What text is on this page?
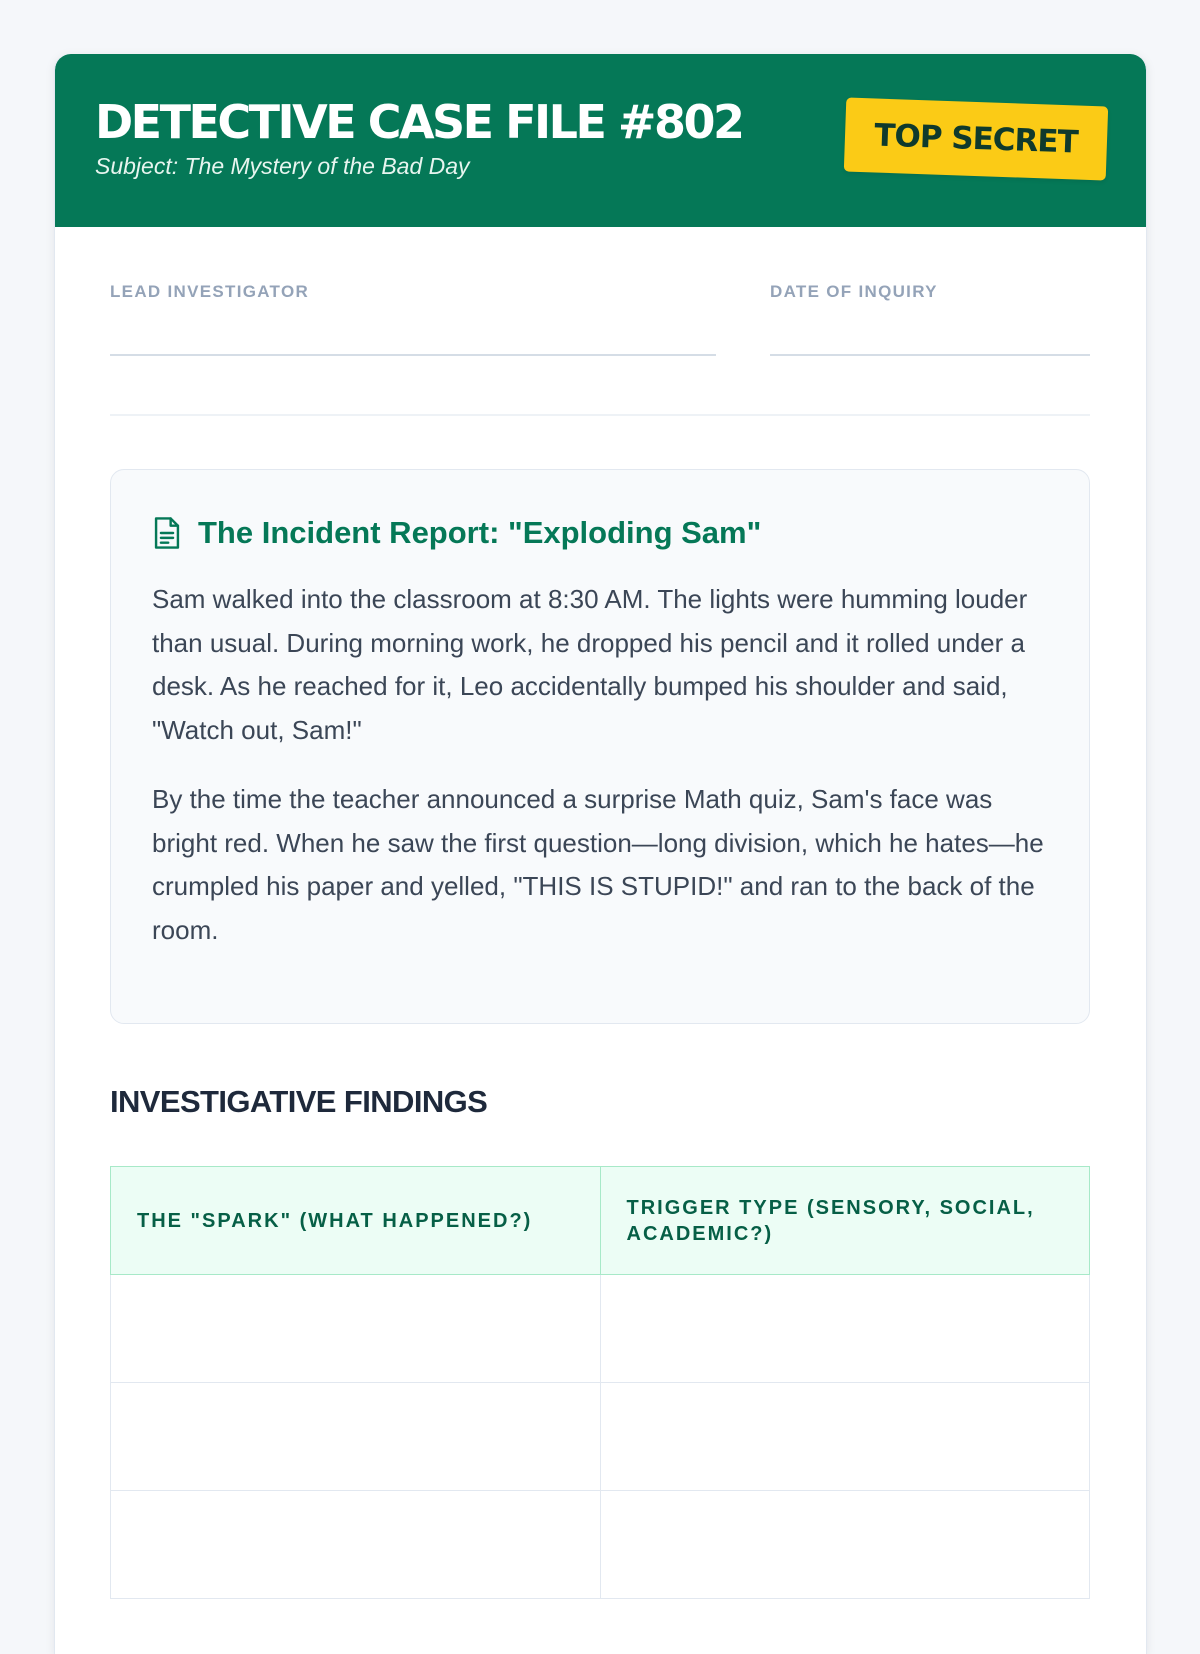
DETECTIVE CASE FILE #802
Subject: The Mystery of the Bad Day
TOP SECRET
LEAD INVESTIGATOR	DATE OF INQUIRY
The Incident Report: "Exploding Sam"

Sam walked into the classroom at 8:30 AM. The lights were humming louder than usual. During morning work, he dropped his pencil and it rolled under a desk. As he reached for it, Leo accidentally bumped his shoulder and said, "Watch out, Sam!"

By the time the teacher announced a surprise Math quiz, Sam's face was bright red. When he saw the first question—long division, which he hates—he crumpled his paper and yelled, "THIS IS STUPID!" and ran to the back of the room.

INVESTIGATIVE FINDINGS
THE "SPARK" (WHAT HAPPENED?)	TRIGGER TYPE (SENSORY, SOCIAL, ACADEMIC?)
